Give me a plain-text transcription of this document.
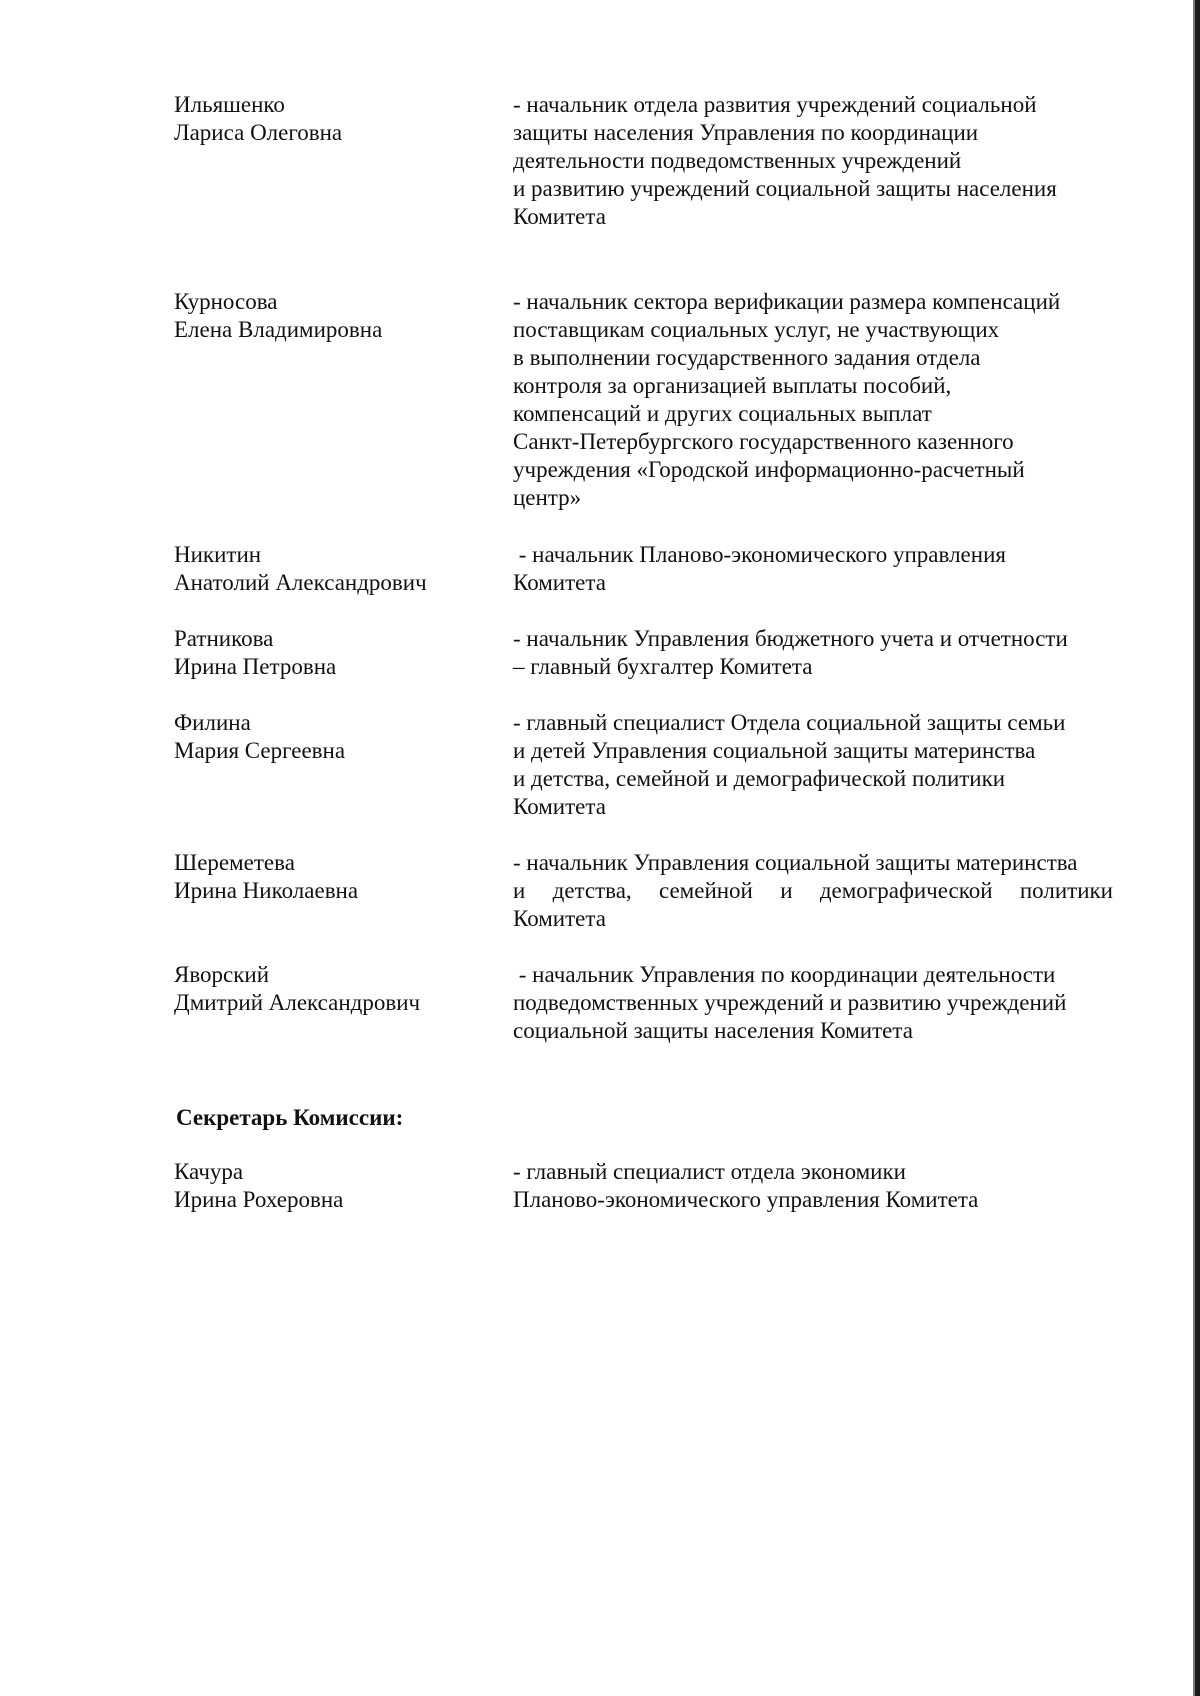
Ильяшенко
Лариса Олеговна
- начальник отдела развития учреждений социальной
защиты населения Управления по координации
деятельности подведомственных учреждений
и развитию учреждений социальной защиты населения
Комитета
Курносова
Елена Владимировна
- начальник сектора верификации размера компенсаций
поставщикам социальных услуг, не участвующих
в выполнении государственного задания отдела
контроля за организацией выплаты пособий,
компенсаций и других социальных выплат
Санкт-Петербургского государственного казенного
учреждения «Городской информационно-расчетный
центр»
Никитин
Анатолий Александрович
- начальник Планово-экономического управления
Комитета
Ратникова
Ирина Петровна
- начальник Управления бюджетного учета и отчетности
– главный бухгалтер Комитета
Филина
Мария Сергеевна
- главный специалист Отдела социальной защиты семьи
и детей Управления социальной защиты материнства
и детства, семейной и демографической политики
Комитета
Шереметева
Ирина Николаевна
- начальник Управления социальной защиты материнства
и детства, семейной и демографической политики
Комитета
Яворский
Дмитрий Александрович
- начальник Управления по координации деятельности
подведомственных учреждений и развитию учреждений
социальной защиты населения Комитета
Секретарь Комиссии:
Качура
Ирина Рохеровна
- главный специалист отдела экономики
Планово-экономического управления Комитета
